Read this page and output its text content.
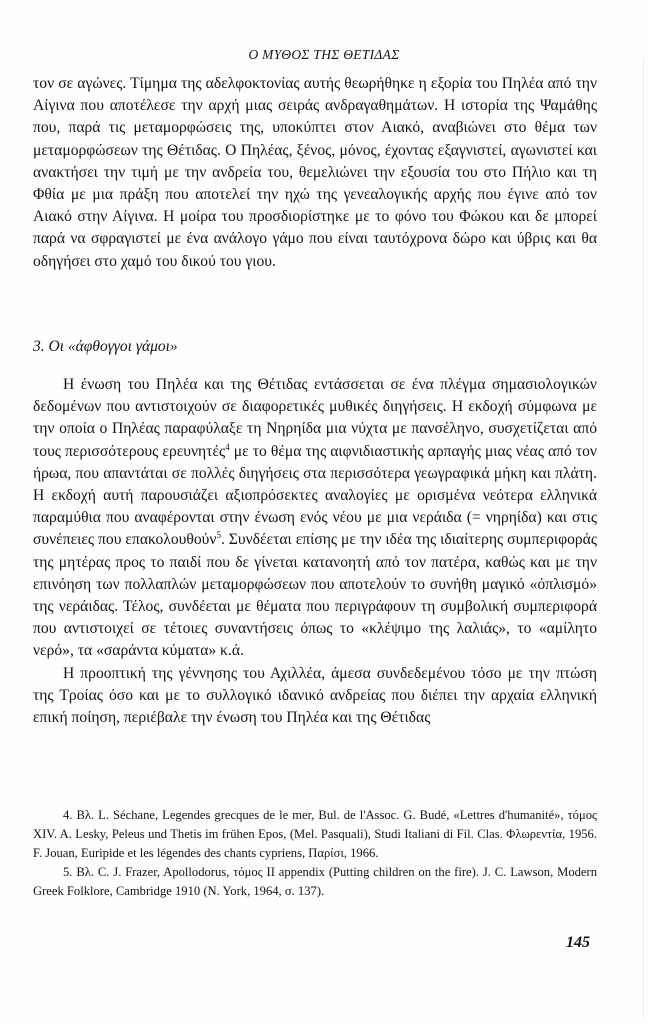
Ο ΜΥΘΟΣ ΤΗΣ ΘΕΤΙΔΑΣ

τον σε αγώνες. Τίμημα της αδελφοκτονίας αυτής θεωρήθηκε η εξορία του Πηλέα από την Αίγινα που αποτέλεσε την αρχή μιας σειράς ανδραγαθημάτων. Η ιστορία της Ψαμάθης που, παρά τις μεταμορφώσεις της, υποκύπτει στον Αιακό, αναβιώνει στο θέμα των μεταμορφώσεων της Θέτιδας. Ο Πηλέας, ξένος, μόνος, έχοντας εξαγνιστεί, αγωνιστεί και ανακτήσει την τιμή με την ανδρεία του, θεμελιώνει την εξουσία του στο Πήλιο και τη Φθία με μια πράξη που αποτελεί την ηχώ της γενεαλογικής αρχής που έγινε από τον Αιακό στην Αίγινα. Η μοίρα του προσδιορίστηκε με το φόνο του Φώκου και δε μπορεί παρά να σφραγιστεί με ένα ανάλογο γάμο που είναι ταυτόχρονα δώρο και ύβρις και θα οδηγήσει στο χαμό του δικού του γιου.

3. Οι «άφθογγοι γάμοι»

Η ένωση του Πηλέα και της Θέτιδας εντάσσεται σε ένα πλέγμα σημασιολογικών δεδομένων που αντιστοιχούν σε διαφορετικές μυθικές διηγήσεις. Η εκδοχή σύμφωνα με την οποία ο Πηλέας παραφύλαξε τη Νηρηίδα μια νύχτα με πανσέληνο, συσχετίζεται από τους περισσότερους ερευνητές$^4$ με το θέμα της αιφνιδιαστικής αρπαγής μιας νέας από τον ήρωα, που απαντάται σε πολλές διηγήσεις στα περισσότερα γεωγραφικά μήκη και πλάτη. Η εκδοχή αυτή παρουσιάζει αξιοπρόσεκτες αναλογίες με ορισμένα νεότερα ελληνικά παραμύθια που αναφέρονται στην ένωση ενός νέου με μια νεράιδα (= νηρηίδα) και στις συνέπειες που επακολουθούν$^5$. Συνδέεται επίσης με την ιδέα της ιδιαίτερης συμπεριφοράς της μητέρας προς το παιδί που δε γίνεται κατανοητή από τον πατέρα, καθώς και με την επινόηση των πολλαπλών μεταμορφώσεων που αποτελούν το συνήθη μαγικό «όπλισμό» της νεράιδας. Τέλος, συνδέεται με θέματα που περιγράφουν τη συμβολική συμπεριφορά που αντιστοιχεί σε τέτοιες συναντήσεις όπως το «κλέψιμο της λαλιάς», το «αμίλητο νερό», τα «σαράντα κύματα» κ.ά.

Η προοπτική της γέννησης του Αχιλλέα, άμεσα συνδεδεμένου τόσο με την πτώση της Τροίας όσο και με το συλλογικό ιδανικό ανδρείας που διέπει την αρχαία ελληνική επική ποίηση, περιέβαλε την ένωση του Πηλέα και της Θέτιδας

4. Βλ. L. Séchane, Legendes grecques de le mer, Bul. de l'Assoc. G. Budé, «Lettres d'humanité», τόμος XIV. A. Lesky, Peleus und Thetis im frühen Epos, (Mel. Pasquali), Studi Italiani di Fil. Clas. Φλωρεντία, 1956. F. Jouan, Euripide et les légendes des chants cypriens, Παρίσι, 1966.

5. Βλ. C. J. Frazer, Apollodorus, τόμος II appendix (Putting children on the fire). J. C. Lawson, Modern Greek Folklore, Cambridge 1910 (N. York, 1964, σ. 137).

145
